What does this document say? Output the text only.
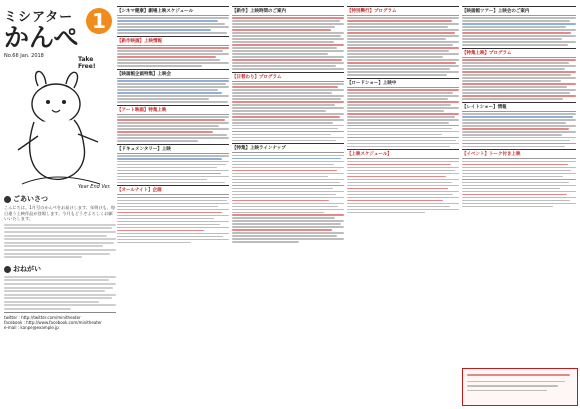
ミシアター
かんぺ
1
No.66 Jan. 2018	Take
Free!
Year End Ver.
ごあいさつ
こんにちは。1月号のかんぺをお届けします。年明けも、毎日違う上映作品が登場します。今月もどうぞよろしくお願いいたします。
おねがい
twitter : http://twitter.com/minitheater
facebook : http://www.facebook.com/minitheater
e-mail : kanpe@example.jp
【シネマ健康】劇場上映スケジュール
【新作映画】上映情報
【映画館企画特集】上映会
【アート映画】特集上映
【ドキュメンタリー】上映
【オールナイト】企画
【新作】上映時間のご案内
【日替わり】プログラム
【特集】上映ラインナップ
【特別興行】プログラム
【ロードショー】上映中
【上映スケジュール】
【映画館ツアー】上映会のご案内
【特集上映】プログラム
【レイトショー】情報
【イベント】トーク付き上映
